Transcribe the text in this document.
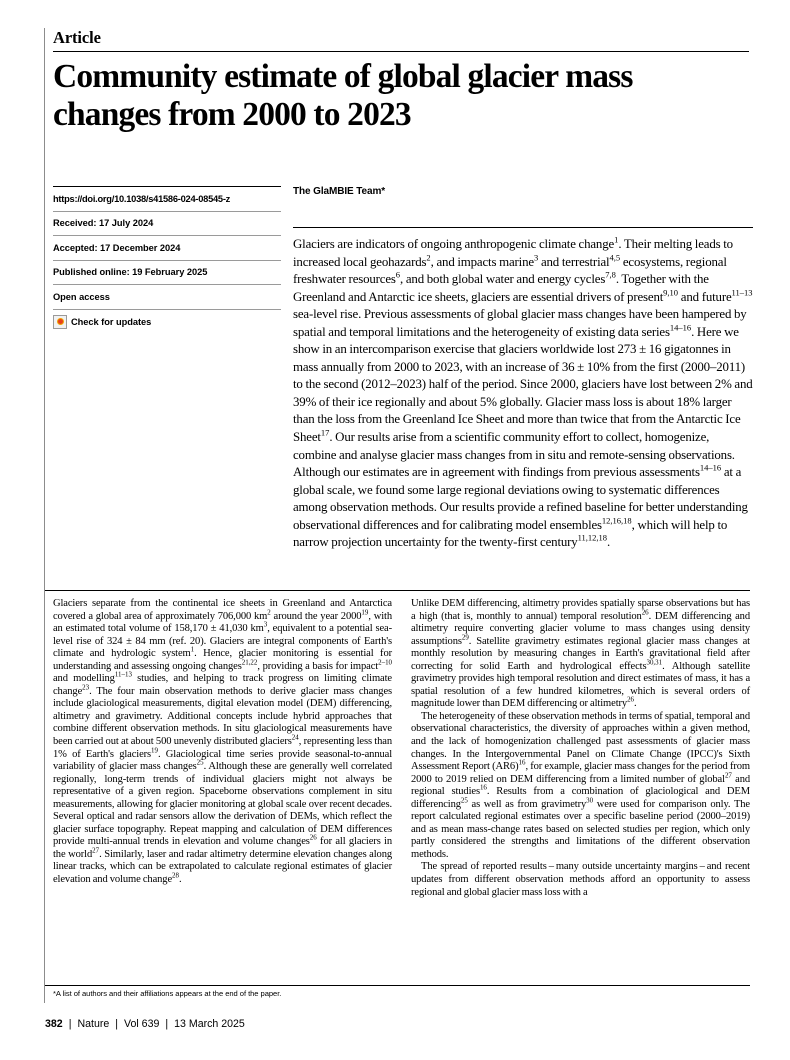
Article
Community estimate of global glacier mass
changes from 2000 to 2023
https://doi.org/10.1038/s41586-024-08545-z
Received: 17 July 2024
Accepted: 17 December 2024
Published online: 19 February 2025
Open access
Check for updates
The GlaMBIE Team*
Glaciers are indicators of ongoing anthropogenic climate change$^1$. Their melting leads to increased local geohazards$^2$, and impacts marine$^3$ and terrestrial$^{4,5}$ ecosystems, regional freshwater resources$^6$, and both global water and energy cycles$^{7,8}$. Together with the Greenland and Antarctic ice sheets, glaciers are essential drivers of present$^{9,10}$ and future$^{11-13}$ sea-level rise. Previous assessments of global glacier mass changes have been hampered by spatial and temporal limitations and the heterogeneity of existing data series$^{14-16}$. Here we show in an intercomparison exercise that glaciers worldwide lost 273 ± 16 gigatonnes in mass annually from 2000 to 2023, with an increase of 36 ± 10% from the first (2000–2011) to the second (2012–2023) half of the period. Since 2000, glaciers have lost between 2% and 39% of their ice regionally and about 5% globally. Glacier mass loss is about 18% larger than the loss from the Greenland Ice Sheet and more than twice that from the Antarctic Ice Sheet$^{17}$. Our results arise from a scientific community effort to collect, homogenize, combine and analyse glacier mass changes from in situ and remote-sensing observations. Although our estimates are in agreement with findings from previous assessments$^{14-16}$ at a global scale, we found some large regional deviations owing to systematic differences among observation methods. Our results provide a refined baseline for better understanding observational differences and for calibrating model ensembles$^{12,16,18}$, which will help to narrow projection uncertainty for the twenty-first century$^{11,12,18}$.

Glaciers separate from the continental ice sheets in Greenland and Antarctica covered a global area of approximately 706,000 $km^2$ around the year 2000$^{19}$, with an estimated total volume of 158,170 ± 41,030 $km^3$, equivalent to a potential sea-level rise of 324 ± 84 mm (ref. 20). Glaciers are integral components of Earth's climate and hydrologic system$^1$. Hence, glacier monitoring is essential for understanding and assessing ongoing changes$^{21,22}$, providing a basis for impact$^{2-10}$ and modelling$^{11-13}$ studies, and helping to track progress on limiting climate change$^{23}$. The four main observation methods to derive glacier mass changes include glaciological measurements, digital elevation model (DEM) differencing, altimetry and gravimetry. Additional concepts include hybrid approaches that combine different observation methods. In situ glaciological measurements have been carried out at about 500 unevenly distributed glaciers$^{24}$, representing less than 1% of Earth's glaciers$^{19}$. Glaciological time series provide seasonal-to-annual variability of glacier mass changes$^{25}$. Although these are generally well correlated regionally, long-term trends of individual glaciers might not always be representative of a given region. Spaceborne observations complement in situ measurements, allowing for glacier monitoring at global scale over recent decades. Several optical and radar sensors allow the derivation of DEMs, which reflect the glacier surface topography. Repeat mapping and calculation of DEM differences provide multi-annual trends in elevation and volume changes$^{26}$ for all glaciers in the world$^{27}$. Similarly, laser and radar altimetry determine elevation changes along linear tracks, which can be extrapolated to calculate regional estimates of glacier elevation and volume change$^{28}$.

Unlike DEM differencing, altimetry provides spatially sparse observations but has a high (that is, monthly to annual) temporal resolution$^{26}$. DEM differencing and altimetry require converting glacier volume to mass changes using density assumptions$^{29}$. Satellite gravimetry estimates regional glacier mass changes at monthly resolution by measuring changes in Earth's gravitational field after correcting for solid Earth and hydrological effects$^{30,31}$. Although satellite gravimetry provides high temporal resolution and direct estimates of mass, it has a spatial resolution of a few hundred kilometres, which is several orders of magnitude lower than DEM differencing or altimetry$^{26}$.

The heterogeneity of these observation methods in terms of spatial, temporal and observational characteristics, the diversity of approaches within a given method, and the lack of homogenization challenged past assessments of glacier mass changes. In the Intergovernmental Panel on Climate Change (IPCC)'s Sixth Assessment Report $(AR6)^{16}$, for example, glacier mass changes for the period from 2000 to 2019 relied on DEM differencing from a limited number of global$^{27}$ and regional studies$^{16}$. Results from a combination of glaciological and DEM differencing$^{25}$ as well as from gravimetry$^{30}$ were used for comparison only. The report calculated regional estimates over a specific baseline period (2000–2019) and as mean mass-change rates based on selected studies per region, which only partly considered the strengths and limitations of the different observation methods.

The spread of reported results – many outside uncertainty margins – and recent updates from different observation methods afford an opportunity to assess regional and global glacier mass loss with a

*A list of authors and their affiliations appears at the end of the paper.
382 | Nature | Vol 639 | 13 March 2025
